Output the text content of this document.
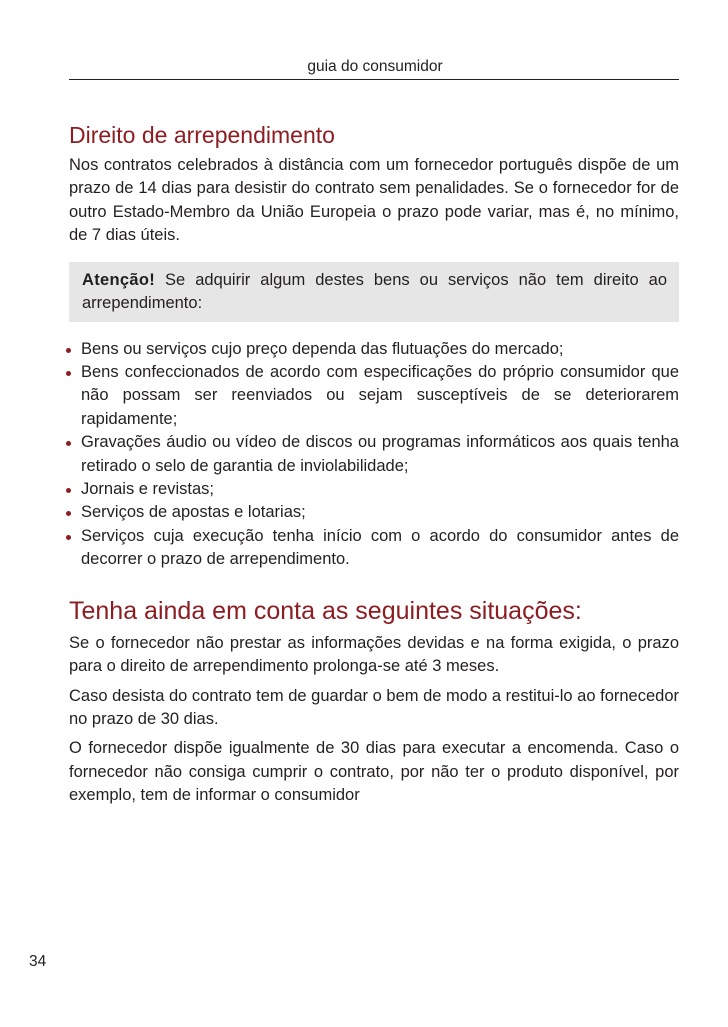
guia do consumidor
Direito de arrependimento

Nos contratos celebrados à distância com um fornecedor português dispõe de um prazo de 14 dias para desistir do contrato sem penalidades. Se o fornecedor for de outro Estado-Membro da União Europeia o prazo pode variar, mas é, no mínimo, de 7 dias úteis.

Atenção! Se adquirir algum destes bens ou serviços não tem direito ao arrependimento:
Bens ou serviços cujo preço dependa das flutuações do mercado;
Bens confeccionados de acordo com especificações do próprio consumidor que não possam ser reenviados ou sejam susceptíveis de se deteriorarem rapidamente;
Gravações áudio ou vídeo de discos ou programas informáticos aos quais tenha retirado o selo de garantia de inviolabilidade;
Jornais e revistas;
Serviços de apostas e lotarias;
Serviços cuja execução tenha início com o acordo do consumidor antes de decorrer o prazo de arrependimento.
Tenha ainda em conta as seguintes situações:

Se o fornecedor não prestar as informações devidas e na forma exigida, o prazo para o direito de arrependimento prolonga-se até 3 meses.

Caso desista do contrato tem de guardar o bem de modo a restitui-lo ao fornecedor no prazo de 30 dias.

O fornecedor dispõe igualmente de 30 dias para executar a encomenda. Caso o fornecedor não consiga cumprir o contrato, por não ter o produto disponível, por exemplo, tem de informar o consumidor

34
